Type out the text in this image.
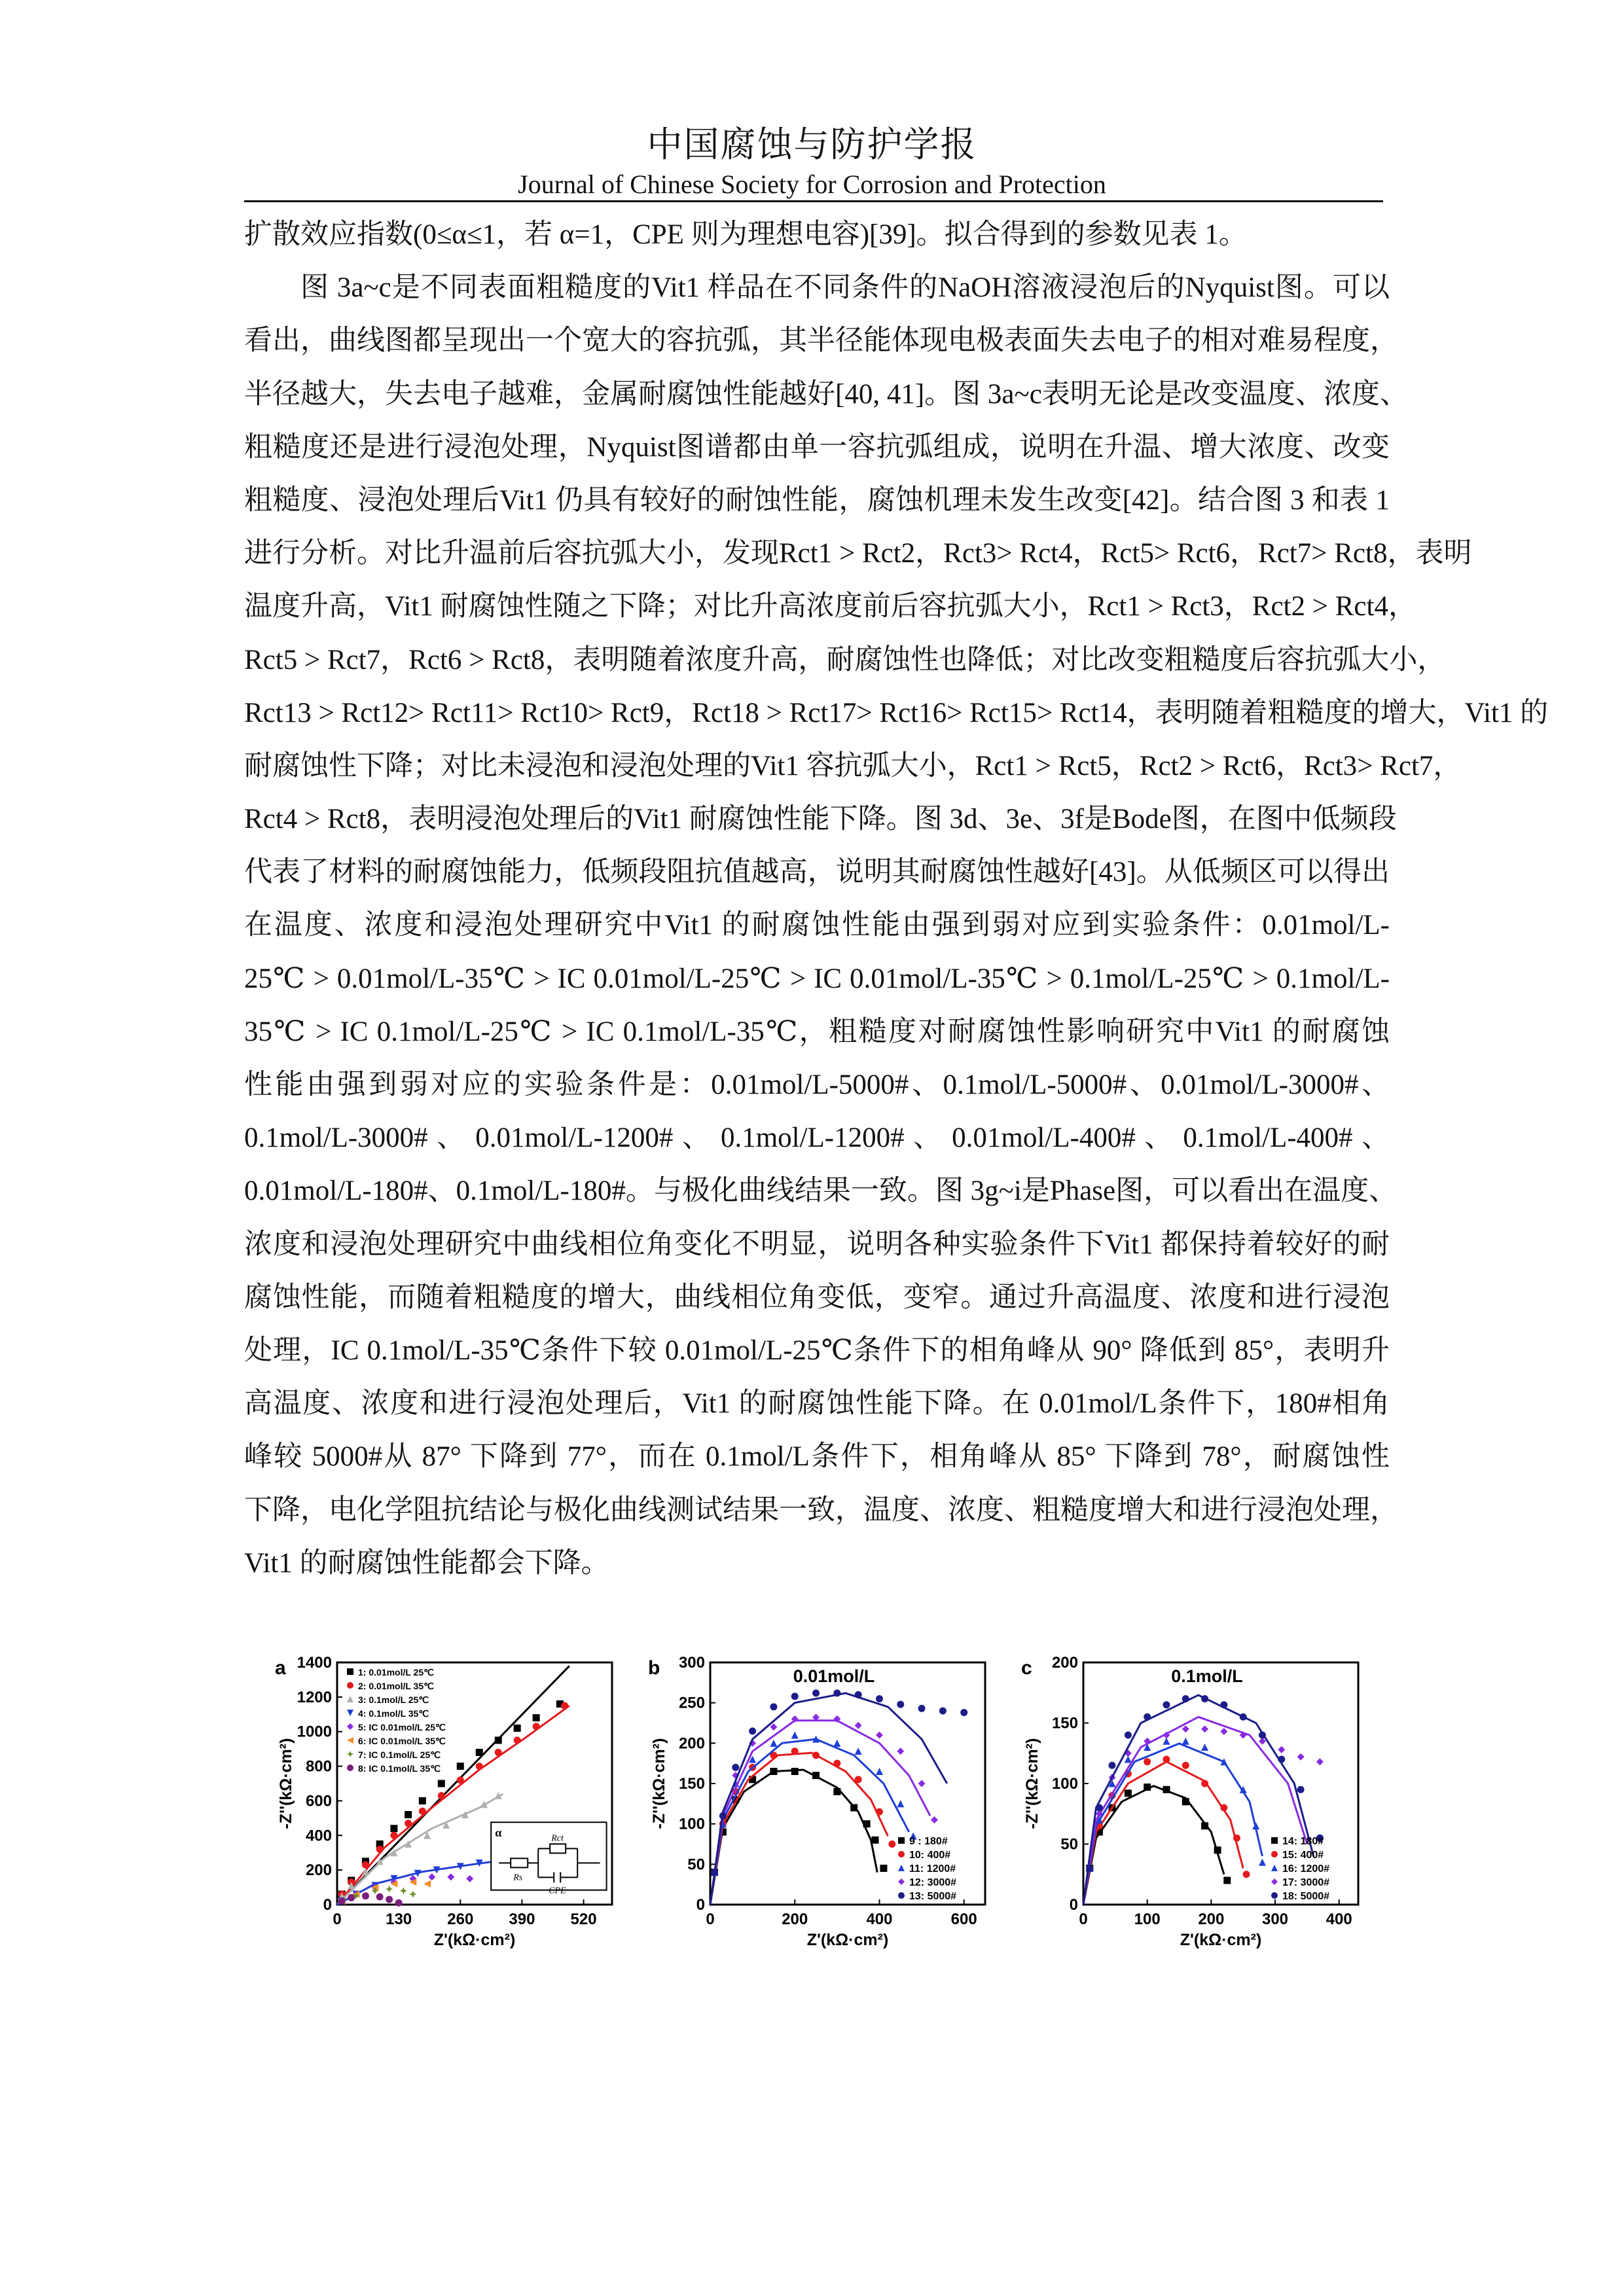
中国腐蚀与防护学报
Journal of Chinese Society for Corrosion and Protection
扩散效应指数(0≤α≤1，若 α=1，CPE 则为理想电容)[39]。拟合得到的参数见表 1。
图 3a~c是不同表面粗糙度的Vit1 样品在不同条件的NaOH溶液浸泡后的Nyquist图。可以
看出，曲线图都呈现出一个宽大的容抗弧，其半径能体现电极表面失去电子的相对难易程度，
半径越大，失去电子越难，金属耐腐蚀性能越好[40, 41]。图 3a~c表明无论是改变温度、浓度、
粗糙度还是进行浸泡处理，Nyquist图谱都由单一容抗弧组成，说明在升温、增大浓度、改变
粗糙度、浸泡处理后Vit1 仍具有较好的耐蚀性能，腐蚀机理未发生改变[42]。结合图 3 和表 1
进行分析。对比升温前后容抗弧大小，发现Rct1 > Rct2，Rct3> Rct4，Rct5> Rct6，Rct7> Rct8，表明
温度升高，Vit1 耐腐蚀性随之下降；对比升高浓度前后容抗弧大小，Rct1 > Rct3，Rct2 > Rct4，
Rct5 > Rct7，Rct6 > Rct8，表明随着浓度升高，耐腐蚀性也降低；对比改变粗糙度后容抗弧大小，
Rct13 > Rct12> Rct11> Rct10> Rct9，Rct18 > Rct17> Rct16> Rct15> Rct14，表明随着粗糙度的增大，Vit1 的
耐腐蚀性下降；对比未浸泡和浸泡处理的Vit1 容抗弧大小，Rct1 > Rct5，Rct2 > Rct6，Rct3> Rct7，
Rct4 > Rct8，表明浸泡处理后的Vit1 耐腐蚀性能下降。图 3d、3e、3f是Bode图，在图中低频段
代表了材料的耐腐蚀能力，低频段阻抗值越高，说明其耐腐蚀性越好[43]。从低频区可以得出
在温度、浓度和浸泡处理研究中Vit1 的耐腐蚀性能由强到弱对应到实验条件：0.01mol/L-
25℃ > 0.01mol/L-35℃ > IC 0.01mol/L-25℃ > IC 0.01mol/L-35℃ > 0.1mol/L-25℃ > 0.1mol/L-
35℃ > IC 0.1mol/L-25℃ > IC 0.1mol/L-35℃，粗糙度对耐腐蚀性影响研究中Vit1 的耐腐蚀
性能由强到弱对应的实验条件是：0.01mol/L-5000#、0.1mol/L-5000#、0.01mol/L-3000#、
0.1mol/L-3000# 、 0.01mol/L-1200# 、 0.1mol/L-1200# 、 0.01mol/L-400# 、 0.1mol/L-400# 、
0.01mol/L-180#、0.1mol/L-180#。与极化曲线结果一致。图 3g~i是Phase图，可以看出在温度、
浓度和浸泡处理研究中曲线相位角变化不明显，说明各种实验条件下Vit1 都保持着较好的耐
腐蚀性能，而随着粗糙度的增大，曲线相位角变低，变窄。通过升高温度、浓度和进行浸泡
处理，IC 0.1mol/L-35℃条件下较 0.01mol/L-25℃条件下的相角峰从 90° 降低到 85°，表明升
高温度、浓度和进行浸泡处理后，Vit1 的耐腐蚀性能下降。在 0.01mol/L条件下，180#相角
峰较 5000#从 87° 下降到 77°，而在 0.1mol/L条件下，相角峰从 85° 下降到 78°，耐腐蚀性
下降，电化学阻抗结论与极化曲线测试结果一致，温度、浓度、粗糙度增大和进行浸泡处理，
Vit1 的耐腐蚀性能都会下降。
a
0	130 260 390 520
0
200
400
600
800
1000
1200
1400
Z'(kΩ·cm²)
-Z''(kΩ·cm²)
1: 0.01mol/L 25℃
2: 0.01mol/L 35℃
3: 0.1mol/L 25℃
4: 0.1mol/L 35℃
5: IC 0.01mol/L 25℃
6: IC 0.01mol/L 35℃
7: IC 0.1mol/L 25℃
8: IC 0.1mol/L 35℃
α
Rs
Rct
CPE
b
0	200	400	600
0
50
100
150
200
250
300
Z'(kΩ·cm²)
-Z''(kΩ·cm²)
0.01mol/L
9 : 180#
10: 400#
11: 1200#
12: 3000#
13: 5000#
c
0	100 200 300 400
0
50
100
150
200
Z'(kΩ·cm²)
-Z''(kΩ·cm²)
0.1mol/L
14: 180#
15: 400#
16: 1200#
17: 3000#
18: 5000#
